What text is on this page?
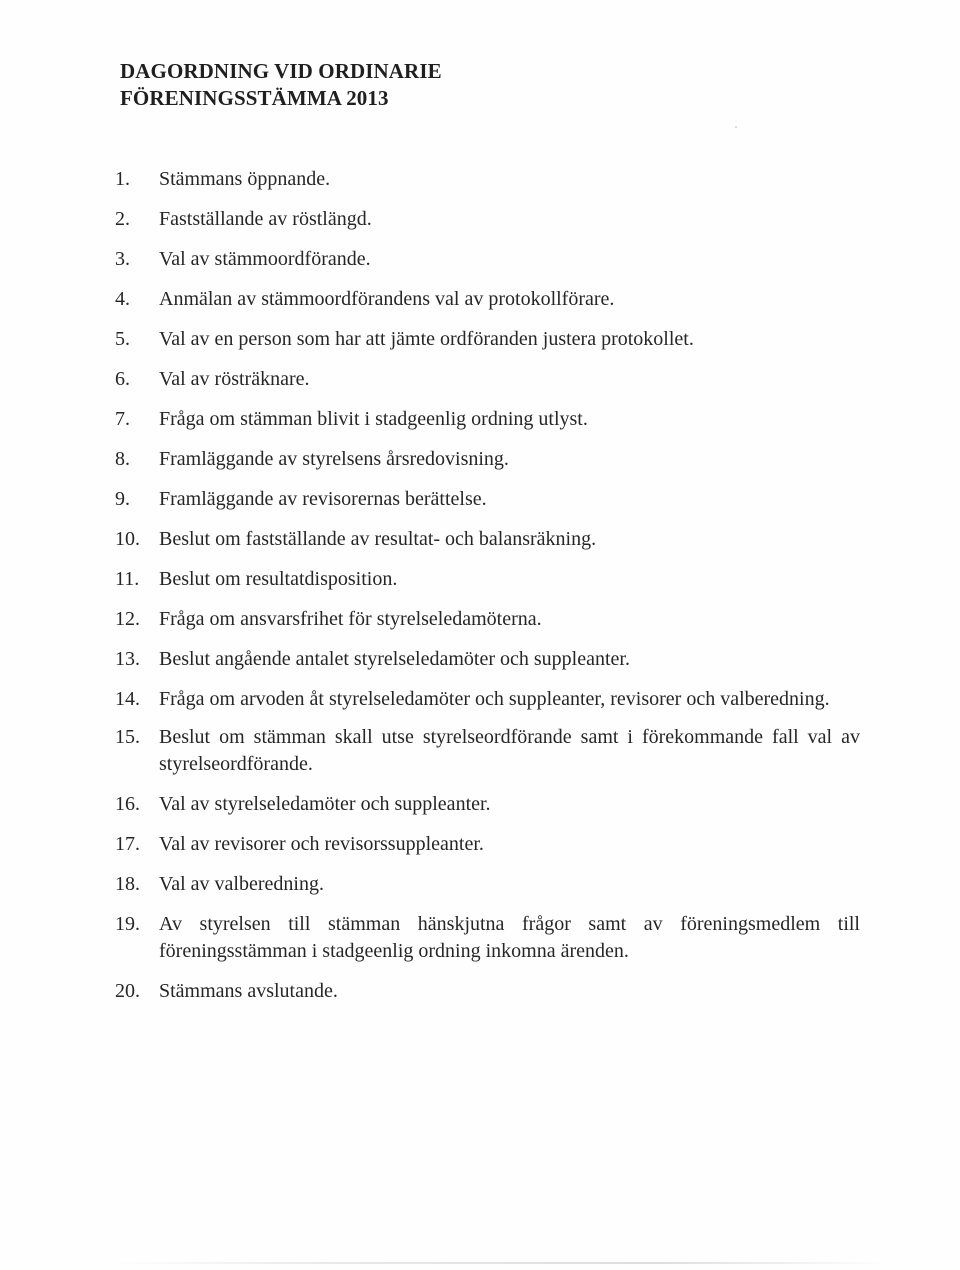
DAGORDNING VID ORDINARIE
FÖRENINGSSTÄMMA 2013
1.	Stämmans öppnande.
2.	Fastställande av röstlängd.
3.	Val av stämmoordförande.
4.	Anmälan av stämmoordförandens val av protokollförare.
5.	Val av en person som har att jämte ordföranden justera protokollet.
6.	Val av rösträknare.
7.	Fråga om stämman blivit i stadgeenlig ordning utlyst.
8.	Framläggande av styrelsens årsredovisning.
9.	Framläggande av revisorernas berättelse.
10. Beslut om fastställande av resultat- och balansräkning.
11. Beslut om resultatdisposition.
12. Fråga om ansvarsfrihet för styrelseledamöterna.
13. Beslut angående antalet styrelseledamöter och suppleanter.
14. Fråga om arvoden åt styrelseledamöter och suppleanter, revisorer och valberedning.
15. Beslut om stämman skall utse styrelseordförande samt i förekommande fall val av styrelseordförande.
16. Val av styrelseledamöter och suppleanter.
17. Val av revisorer och revisorssuppleanter.
18. Val av valberedning.
19. Av styrelsen till stämman hänskjutna frågor samt av föreningsmedlem till föreningsstämman i stadgeenlig ordning inkomna ärenden.
20. Stämmans avslutande.
